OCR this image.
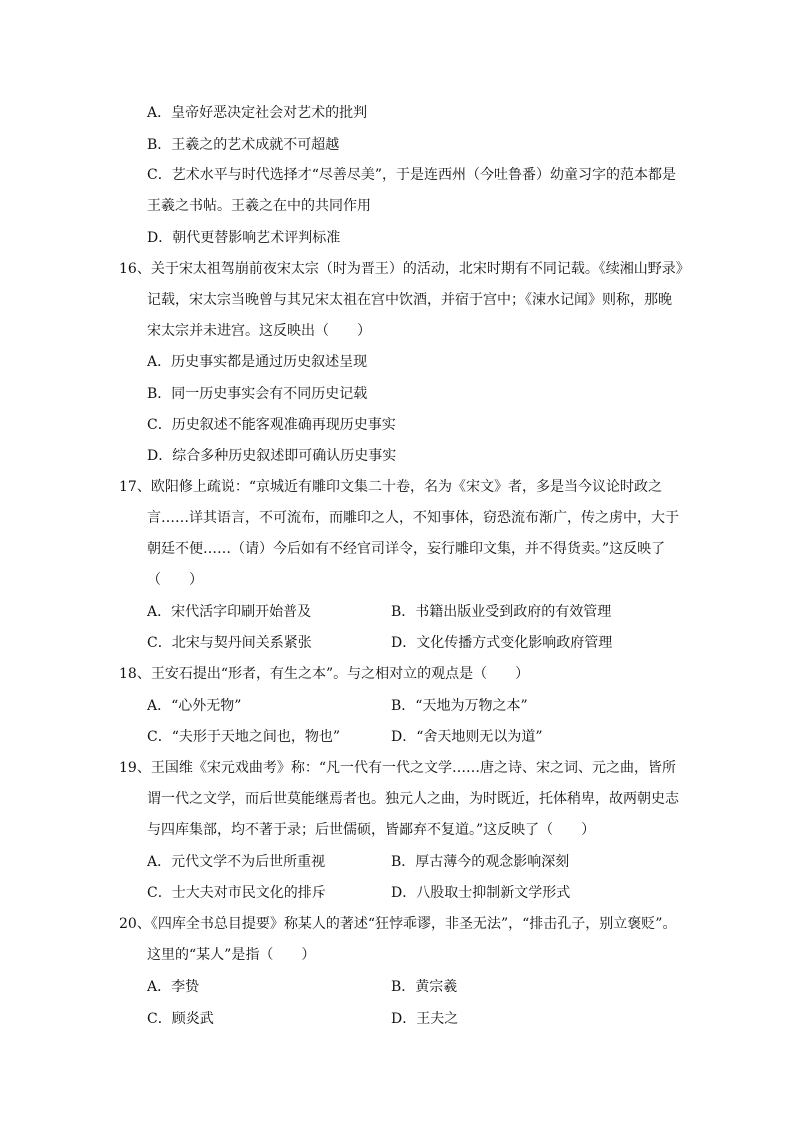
A．皇帝好恶决定社会对艺术的批判
B．王羲之的艺术成就不可超越
C．艺术水平与时代选择才“尽善尽美”，于是连西州（今吐鲁番）幼童习字的范本都是
王羲之书帖。王羲之在中的共同作用
D．朝代更替影响艺术评判标准
16、关于宋太祖驾崩前夜宋太宗（时为晋王）的活动，北宋时期有不同记载。《续湘山野录》
记载，宋太宗当晚曾与其兄宋太祖在宫中饮酒，并宿于宫中；《涑水记闻》则称，那晚
宋太宗并未进宫。这反映出（　　）
A．历史事实都是通过历史叙述呈现
B．同一历史事实会有不同历史记载
C．历史叙述不能客观准确再现历史事实
D．综合多种历史叙述即可确认历史事实
17、欧阳修上疏说：“京城近有雕印文集二十卷，名为《宋文》者，多是当今议论时政之
言……详其语言，不可流布，而雕印之人，不知事体，窃恐流布渐广，传之虏中，大于
朝廷不便……（请）今后如有不经官司详令，妄行雕印文集，并不得货卖。”这反映了
（　　）
A．宋代活字印刷开始普及	B．书籍出版业受到政府的有效管理
C．北宋与契丹间关系紧张	D．文化传播方式变化影响政府管理
18、王安石提出“形者，有生之本”。与之相对立的观点是（　　）
A．“心外无物”	B．“天地为万物之本”
C．“夫形于天地之间也，物也”	D．“舍天地则无以为道”
19、王国维《宋元戏曲考》称：“凡一代有一代之文学……唐之诗、宋之词、元之曲，皆所
谓一代之文学，而后世莫能继焉者也。独元人之曲，为时既近，托体稍卑，故两朝史志
与四库集部，均不著于录；后世儒硕，皆鄙弃不复道。”这反映了（　　）
A．元代文学不为后世所重视	B．厚古薄今的观念影响深刻
C．士大夫对市民文化的排斥	D．八股取士抑制新文学形式
20、《四库全书总目提要》称某人的著述“狂悖乖谬，非圣无法”，“排击孔子，别立褒贬”。
这里的“某人”是指（　　）
A．李贽	B．黄宗羲
C．顾炎武	D．王夫之
